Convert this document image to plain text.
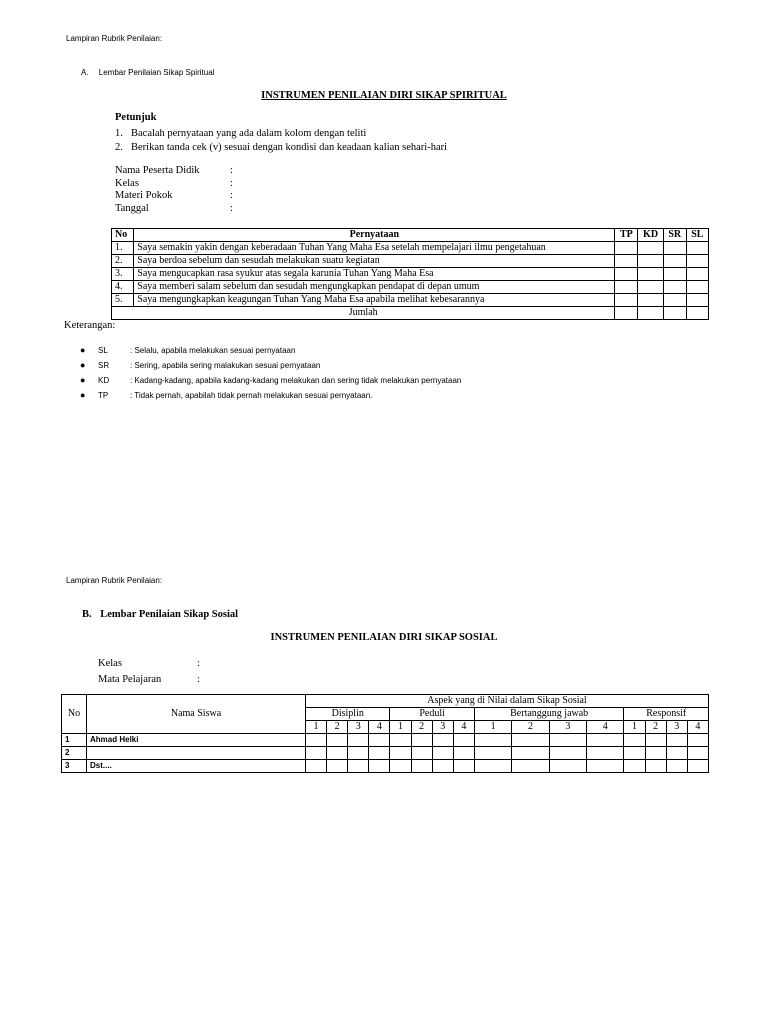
Lampiran Rubrik Penilaian:
A. Lembar Penilaian Sikap Spiritual
INSTRUMEN PENILAIAN DIRI SIKAP SPIRITUAL
Petunjuk
1. Bacalah pernyataan yang ada dalam kolom dengan teliti
2. Berikan tanda cek (v) sesuai dengan kondisi dan keadaan kalian sehari-hari
Nama Peserta Didik	:
Kelas	:
Materi Pokok	:
Tanggal	:
No	Pernyataan	TP	KD	SR	SL
1.	Saya semakin yakin dengan keberadaan Tuhan Yang Maha Esa setelah mempelajari ilmu pengetahuan				
2.	Saya berdoa sebelum dan sesudah melakukan suatu kegiatan				
3.	Saya mengucapkan rasa syukur atas segala karunia Tuhan Yang Maha Esa				
4.	Saya memberi salam sebelum dan sesudah mengungkapkan pendapat di depan umum				
5.	Saya mengungkapkan keagungan Tuhan Yang Maha Esa apabila melihat kebesarannya				
Jumlah					
Keterangan:
●	SL	: Selalu, apabila melakukan sesuai pernyataan
●	SR	: Sering, apabila sering malakukan sesuai pernyataan
●	KD	: Kadang-kadang, apabila kadang-kadang melakukan dan sering tidak melakukan pernyataan
●	TP	: Tidak pernah, apabilah tidak pernah melakukan sesuai pernyataan.
Lampiran Rubrik Penilaian:
B. Lembar Penilaian Sikap Sosial
INSTRUMEN PENILAIAN DIRI SIKAP SOSIAL
Kelas	:
Mata Pelajaran	:
No	Nama Siswa	Aspek yang di Nilai dalam Sikap Sosial															
		Disiplin				Peduli				Bertanggung jawab				Responsif			
		1	2	3	4	1	2	3	4	1	2	3	4	1	2	3	4
1	Ahmad Helki																
2																	
3	Dst....																
